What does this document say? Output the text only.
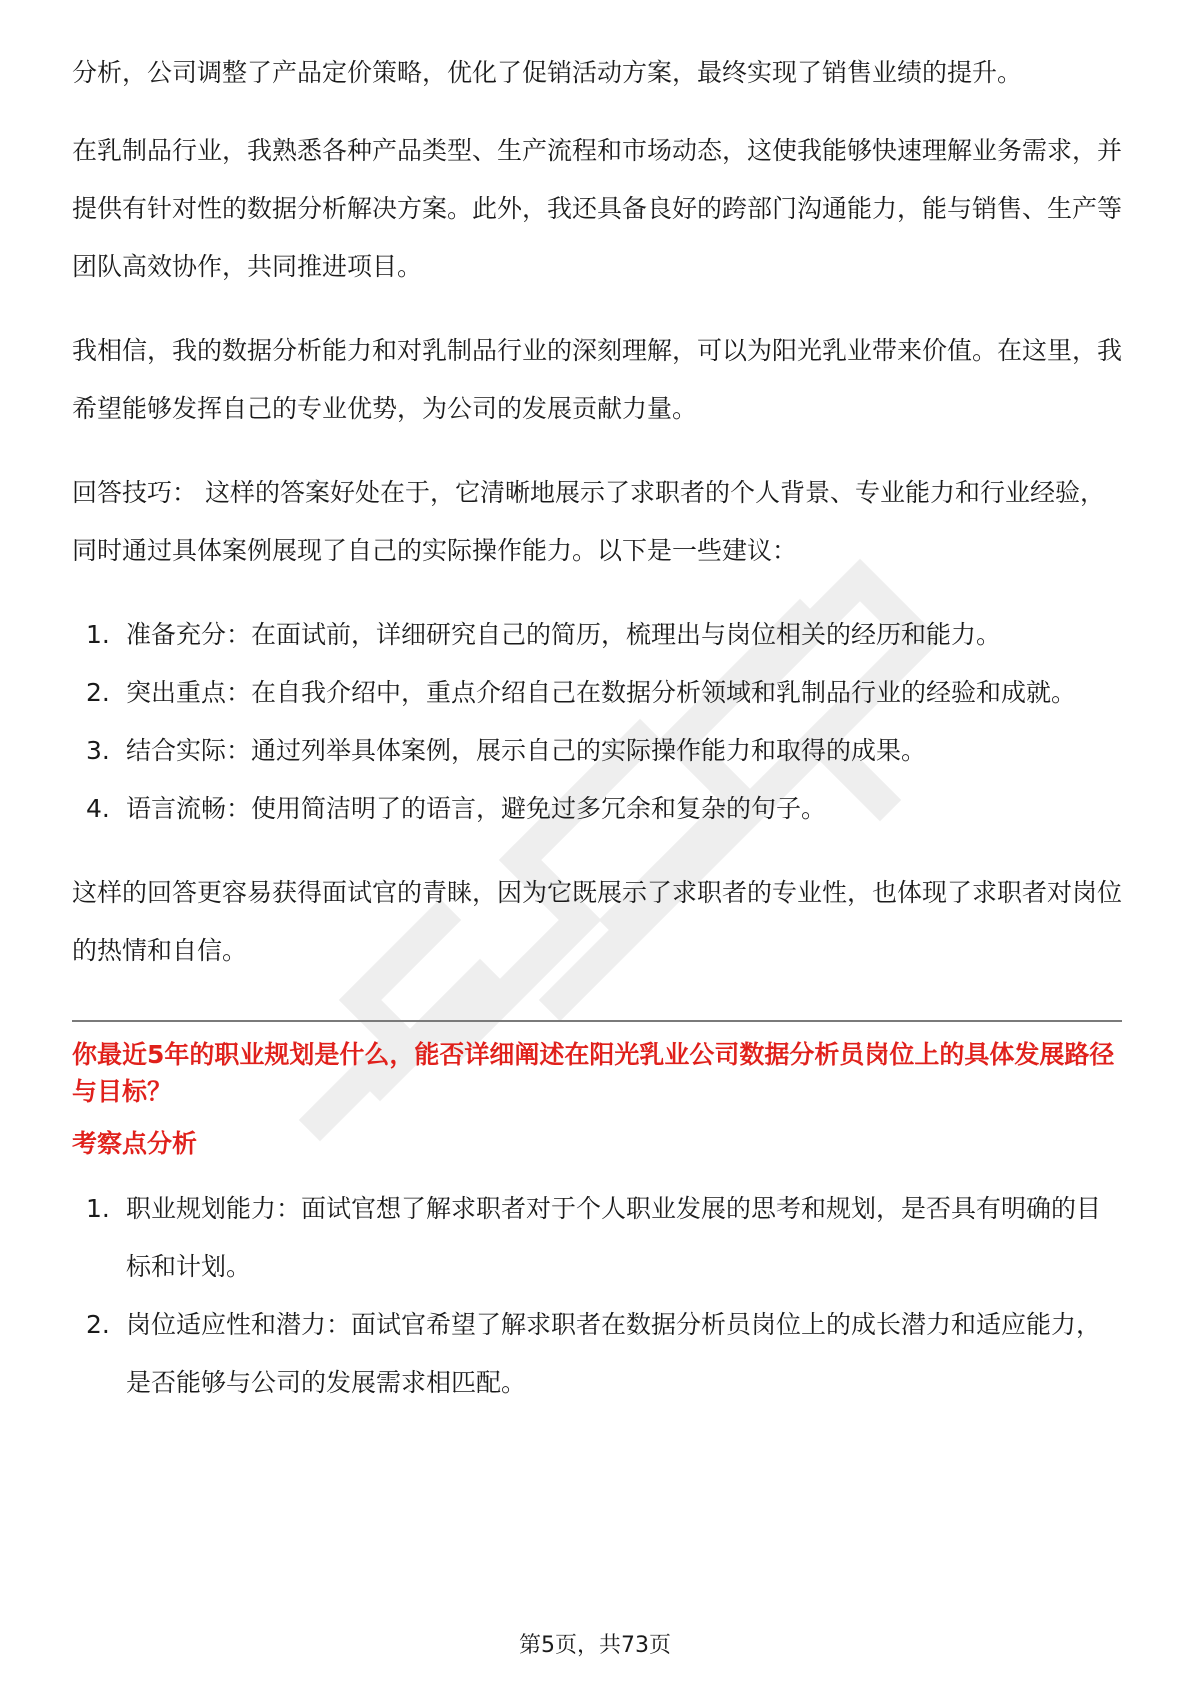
分析，公司调整了产品定价策略，优化了促销活动方案，最终实现了销售业绩的提升。

在乳制品行业，我熟悉各种产品类型、生产流程和市场动态，这使我能够快速理解业务需求，并提供有针对性的数据分析解决方案。此外，我还具备良好的跨部门沟通能力，能与销售、生产等团队高效协作，共同推进项目。

我相信，我的数据分析能力和对乳制品行业的深刻理解，可以为阳光乳业带来价值。在这里，我希望能够发挥自己的专业优势，为公司的发展贡献力量。

回答技巧： 这样的答案好处在于，它清晰地展示了求职者的个人背景、专业能力和行业经验，同时通过具体案例展现了自己的实际操作能力。以下是一些建议：

1. 准备充分：在面试前，详细研究自己的简历，梳理出与岗位相关的经历和能力。
2. 突出重点：在自我介绍中，重点介绍自己在数据分析领域和乳制品行业的经验和成就。
3. 结合实际：通过列举具体案例，展示自己的实际操作能力和取得的成果。
4. 语言流畅：使用简洁明了的语言，避免过多冗余和复杂的句子。

这样的回答更容易获得面试官的青睐，因为它既展示了求职者的专业性，也体现了求职者对岗位的热情和自信。

你最近5年的职业规划是什么，能否详细阐述在阳光乳业公司数据分析员岗位上的具体发展路径与目标？

考察点分析

1. 职业规划能力：面试官想了解求职者对于个人职业发展的思考和规划，是否具有明确的目标和计划。
2. 岗位适应性和潜力：面试官希望了解求职者在数据分析员岗位上的成长潜力和适应能力，是否能够与公司的发展需求相匹配。
第5页，共73页
